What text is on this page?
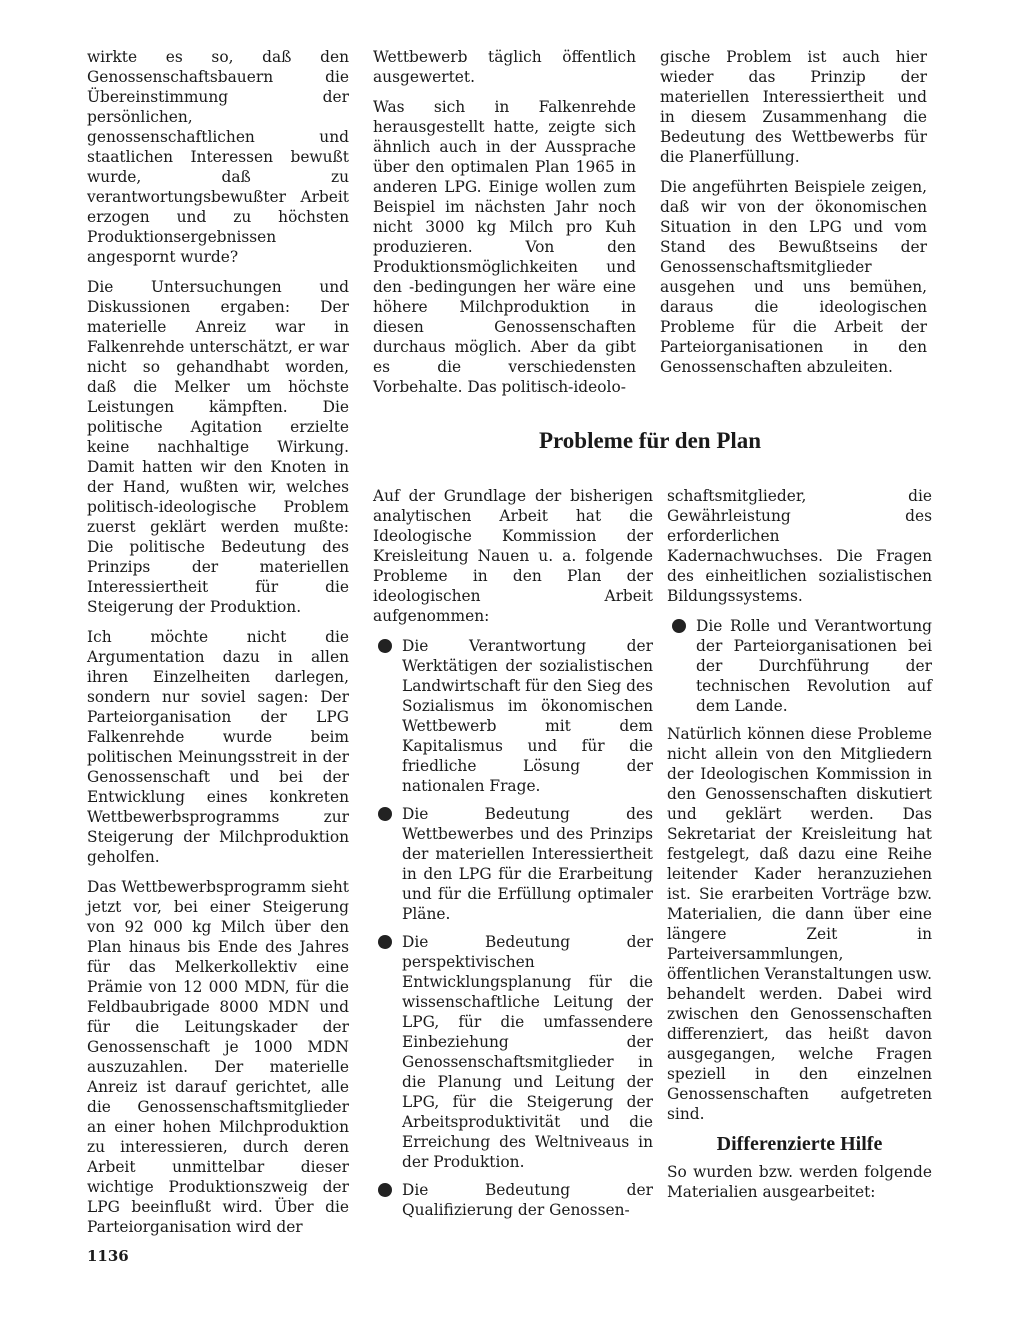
wirkte es so, daß den Genossenschaftsbauern die Übereinstimmung der persönlichen, genossenschaftlichen und staatlichen Interessen bewußt wurde, daß zu verantwortungsbewußter Arbeit erzogen und zu höchsten Produktionsergebnissen angespornt wurde?

Die Untersuchungen und Diskussionen ergaben: Der materielle Anreiz war in Falkenrehde unterschätzt, er war nicht so gehandhabt worden, daß die Melker um höchste Leistungen kämpften. Die politische Agitation erzielte keine nachhaltige Wirkung. Damit hatten wir den Knoten in der Hand, wußten wir, welches politisch-ideologische Problem zuerst geklärt werden mußte: Die politische Bedeutung des Prinzips der materiellen Interessiertheit für die Steigerung der Produktion.

Ich möchte nicht die Argumentation dazu in allen ihren Einzelheiten darlegen, sondern nur soviel sagen: Der Parteiorganisation der LPG Falkenrehde wurde beim politischen Meinungsstreit in der Genossenschaft und bei der Entwicklung eines konkreten Wettbewerbsprogramms zur Steigerung der Milchproduktion geholfen.

Das Wettbewerbsprogramm sieht jetzt vor, bei einer Steigerung von 92 000 kg Milch über den Plan hinaus bis Ende des Jahres für das Melkerkollektiv eine Prämie von 12 000 MDN, für die Feldbaubrigade 8000 MDN und für die Leitungskader der Genossenschaft je 1000 MDN auszuzahlen. Der materielle Anreiz ist darauf gerichtet, alle die Genossenschaftsmitglieder an einer hohen Milchproduktion zu interessieren, durch deren Arbeit unmittelbar dieser wichtige Produktionszweig der LPG beeinflußt wird. Über die Parteiorganisation wird der

Wettbewerb täglich öffentlich ausgewertet.

Was sich in Falkenrehde herausgestellt hatte, zeigte sich ähnlich auch in der Aussprache über den optimalen Plan 1965 in anderen LPG. Einige wollen zum Beispiel im nächsten Jahr noch nicht 3000 kg Milch pro Kuh produzieren. Von den Produktionsmöglichkeiten und den -bedingungen her wäre eine höhere Milchproduktion in diesen Genossenschaften durchaus möglich. Aber da gibt es die verschiedensten Vorbehalte. Das politisch-ideolo-

gische Problem ist auch hier wieder das Prinzip der materiellen Interessiertheit und in diesem Zusammenhang die Bedeutung des Wettbewerbs für die Planerfüllung.

Die angeführten Beispiele zeigen, daß wir von der ökonomischen Situation in den LPG und vom Stand des Bewußtseins der Genossenschaftsmitglieder ausgehen und uns bemühen, daraus die ideologischen Probleme für die Arbeit der Parteiorganisationen in den Genossenschaften abzuleiten.

Probleme für den Plan

Auf der Grundlage der bisherigen analytischen Arbeit hat die Ideologische Kommission der Kreisleitung Nauen u. a. folgende Probleme in den Plan der ideologischen Arbeit aufgenommen:

Die Verantwortung der Werktätigen der sozialistischen Landwirtschaft für den Sieg des Sozialismus im ökonomischen Wettbewerb mit dem Kapitalismus und für die friedliche Lösung der nationalen Frage.
Die Bedeutung des Wettbewerbes und des Prinzips der materiellen Interessiertheit in den LPG für die Erarbeitung und für die Erfüllung optimaler Pläne.
Die Bedeutung der perspektivischen Entwicklungsplanung für die wissenschaftliche Leitung der LPG, für die umfassendere Einbeziehung der Genossenschaftsmitglieder in die Planung und Leitung der LPG, für die Steigerung der Arbeitsproduktivität und die Erreichung des Weltniveaus in der Produktion.
Die Bedeutung der Qualifizierung der Genossen-

schaftsmitglieder, die Gewährleistung des erforderlichen Kadernachwuchses. Die Fragen des einheitlichen sozialistischen Bildungssystems.

Die Rolle und Verantwortung der Parteiorganisationen bei der Durchführung der technischen Revolution auf dem Lande.

Natürlich können diese Probleme nicht allein von den Mitgliedern der Ideologischen Kommission in den Genossenschaften diskutiert und geklärt werden. Das Sekretariat der Kreisleitung hat festgelegt, daß dazu eine Reihe leitender Kader heranzuziehen ist. Sie erarbeiten Vorträge bzw. Materialien, die dann über eine längere Zeit in Parteiversammlungen, öffentlichen Veranstaltungen usw. behandelt werden. Dabei wird zwischen den Genossenschaften differenziert, das heißt davon ausgegangen, welche Fragen speziell in den einzelnen Genossenschaften aufgetreten sind.

Differenzierte Hilfe

So wurden bzw. werden folgende Materialien ausgearbeitet:

1136
